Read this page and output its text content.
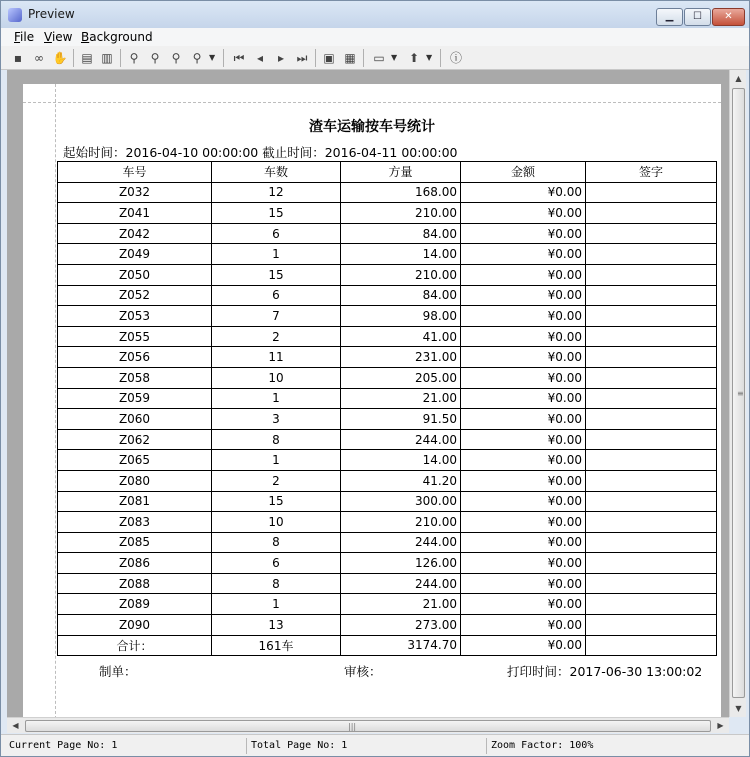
Preview	▁	☐	✕
File View Background
▪ ∞ ✋ ▤ ▥ ⚲	⚲	⚲	⚲ ▼ ⏮	◂	▸	⏭ ▣ ▦ ▭ ▼ ⬆ ▼ ⓘ
渣车运输按车号统计
起始时间：2016-04-10 00:00:00 截止时间：2016-04-11 00:00:00
车号	车数	方量	金额	签字
Z032	12	168.00	¥0.00	
Z041	15	210.00	¥0.00	
Z042	6	84.00	¥0.00	
Z049	1	14.00	¥0.00	
Z050	15	210.00	¥0.00	
Z052	6	84.00	¥0.00	
Z053	7	98.00	¥0.00	
Z055	2	41.00	¥0.00	
Z056	11	231.00	¥0.00	
Z058	10	205.00	¥0.00	
Z059	1	21.00	¥0.00	
Z060	3	91.50	¥0.00	
Z062	8	244.00	¥0.00	
Z065	1	14.00	¥0.00	
Z080	2	41.20	¥0.00	
Z081	15	300.00	¥0.00	
Z083	10	210.00	¥0.00	
Z085	8	244.00	¥0.00	
Z086	6	126.00	¥0.00	
Z088	8	244.00	¥0.00	
Z089	1	21.00	¥0.00	
Z090	13	273.00	¥0.00	
合计：	161车	3174.70	¥0.00	
制单：	审核：	打印时间：2017-06-30 13:00:02
▲
≡
▼
◀	|||	▶
Current Page No: 1	Total Page No: 1	Zoom Factor: 100%
